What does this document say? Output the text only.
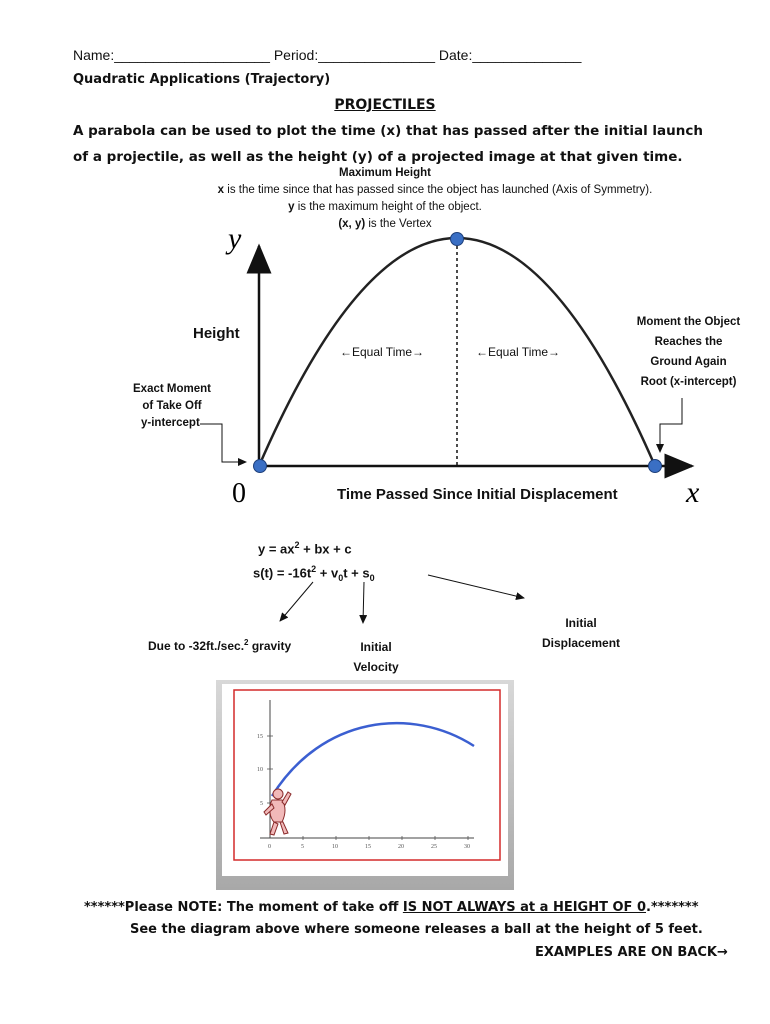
Name:____________________ Period:_______________ Date:______________
Quadratic Applications (Trajectory)
PROJECTILES
A parabola can be used to plot the time (x) that has passed after the initial launch of a projectile, as well as the height (y) of a projected image at that given time.
Maximum Height
x is the time since that has passed since the object has launched (Axis of Symmetry).
y is the maximum height of the object.
(x, y) is the Vertex
y
x
0
Height
←Equal Time→	←Equal Time→
Time Passed Since Initial Displacement
Exact Moment
of Take Off
y-intercept
Moment the Object
Reaches the
Ground Again
Root (x-intercept)
$y = ax^2$ + bx + c
$s(t) = -16t^2 + v_0t + s_0$
Due to -32ft./sec.$^2$ gravity	Initial
Velocity
Initial
Displacement
15
10
5
0	5	10	15	20	25	30
******Please NOTE: The moment of take off IS NOT ALWAYS at a HEIGHT OF 0.*******
See the diagram above where someone releases a ball at the height of 5 feet.
EXAMPLES ARE ON BACK→
